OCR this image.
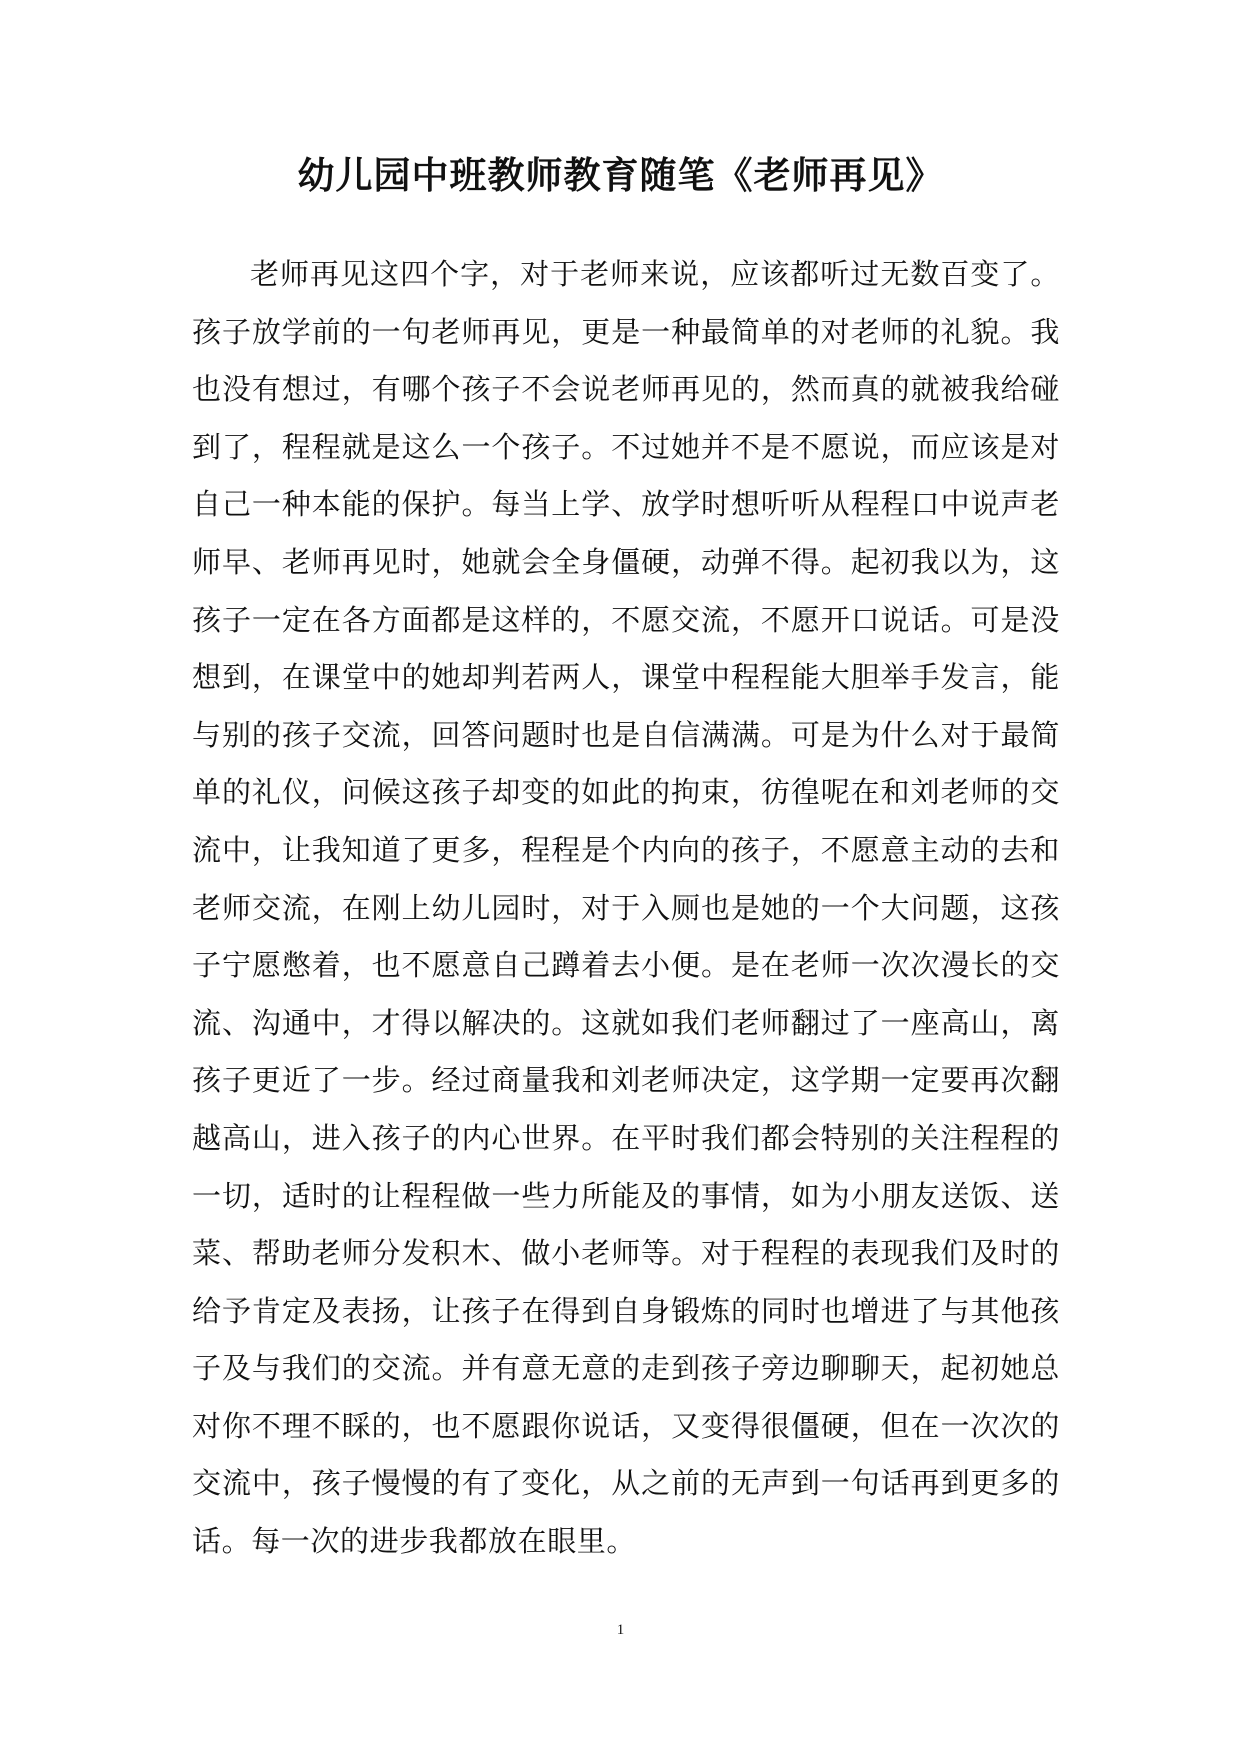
幼儿园中班教师教育随笔《老师再见》

老师再见这四个字，对于老师来说，应该都听过无数百变了。孩子放学前的一句老师再见，更是一种最简单的对老师的礼貌。我也没有想过，有哪个孩子不会说老师再见的，然而真的就被我给碰到了，程程就是这么一个孩子。不过她并不是不愿说，而应该是对自己一种本能的保护。每当上学、放学时想听听从程程口中说声老师早、老师再见时，她就会全身僵硬，动弹不得。起初我以为，这孩子一定在各方面都是这样的，不愿交流，不愿开口说话。可是没想到，在课堂中的她却判若两人，课堂中程程能大胆举手发言，能与别的孩子交流，回答问题时也是自信满满。可是为什么对于最简单的礼仪，问候这孩子却变的如此的拘束，彷徨呢在和刘老师的交流中，让我知道了更多，程程是个内向的孩子，不愿意主动的去和老师交流，在刚上幼儿园时，对于入厕也是她的一个大问题，这孩子宁愿憋着，也不愿意自己蹲着去小便。是在老师一次次漫长的交流、沟通中，才得以解决的。这就如我们老师翻过了一座高山，离孩子更近了一步。经过商量我和刘老师决定，这学期一定要再次翻越高山，进入孩子的内心世界。在平时我们都会特别的关注程程的一切，适时的让程程做一些力所能及的事情，如为小朋友送饭、送菜、帮助老师分发积木、做小老师等。对于程程的表现我们及时的给予肯定及表扬，让孩子在得到自身锻炼的同时也增进了与其他孩子及与我们的交流。并有意无意的走到孩子旁边聊聊天，起初她总对你不理不睬的，也不愿跟你说话，又变得很僵硬，但在一次次的交流中，孩子慢慢的有了变化，从之前的无声到一句话再到更多的话。每一次的进步我都放在眼里。

1
